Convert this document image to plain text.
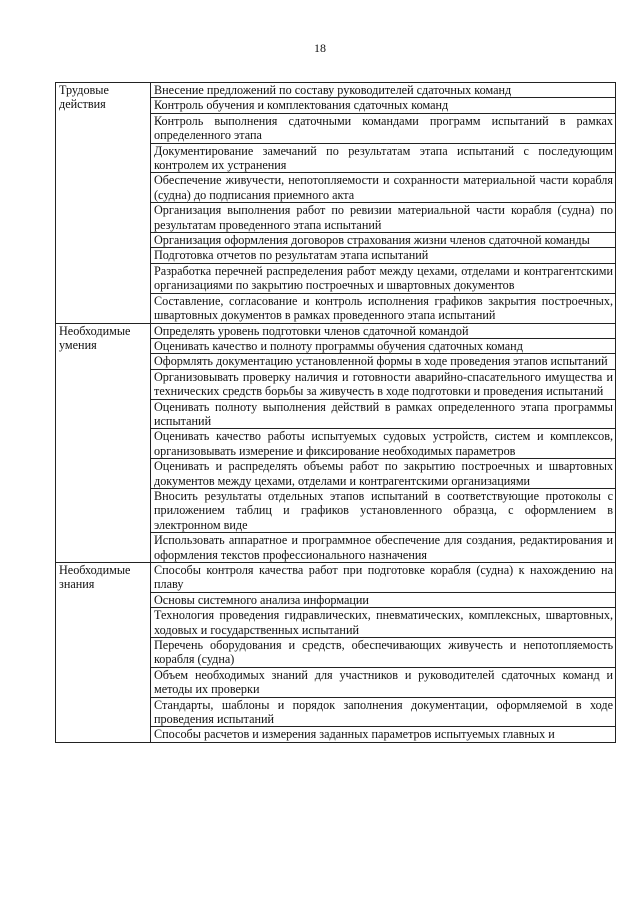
18
Трудовые действия	Внесение предложений по составу руководителей сдаточных команд
	Контроль обучения и комплектования сдаточных команд
	Контроль выполнения сдаточными командами программ испытаний в рамках определенного этапа
	Документирование замечаний по результатам этапа испытаний с последующим контролем их устранения
	Обеспечение живучести, непотопляемости и сохранности материальной части корабля (судна) до подписания приемного акта
	Организация выполнения работ по ревизии материальной части корабля (судна) по результатам проведенного этапа испытаний
	Организация оформления договоров страхования жизни членов сдаточной команды
	Подготовка отчетов по результатам этапа испытаний
	Разработка перечней распределения работ между цехами, отделами и контрагентскими организациями по закрытию построечных и швартовных документов
	Составление, согласование и контроль исполнения графиков закрытия построечных, швартовных документов в рамках проведенного этапа испытаний
Необходимые умения	Определять уровень подготовки членов сдаточной командой
	Оценивать качество и полноту программы обучения сдаточных команд
	Оформлять документацию установленной формы в ходе проведения этапов испытаний
	Организовывать проверку наличия и готовности аварийно-спасательного имущества и технических средств борьбы за живучесть в ходе подготовки и проведения испытаний
	Оценивать полноту выполнения действий в рамках определенного этапа программы испытаний
	Оценивать качество работы испытуемых судовых устройств, систем и комплексов, организовывать измерение и фиксирование необходимых параметров
	Оценивать и распределять объемы работ по закрытию построечных и швартовных документов между цехами, отделами и контрагентскими организациями
	Вносить результаты отдельных этапов испытаний в соответствующие протоколы с приложением таблиц и графиков установленного образца, с оформлением в электронном виде
	Использовать аппаратное и программное обеспечение для создания, редактирования и оформления текстов профессионального назначения
Необходимые знания	Способы контроля качества работ при подготовке корабля (судна) к нахождению на плаву
	Основы системного анализа информации
	Технология проведения гидравлических, пневматических, комплексных, швартовных, ходовых и государственных испытаний
	Перечень оборудования и средств, обеспечивающих живучесть и непотопляемость корабля (судна)
	Объем необходимых знаний для участников и руководителей сдаточных команд и методы их проверки
	Стандарты, шаблоны и порядок заполнения документации, оформляемой в ходе проведения испытаний
	Способы расчетов и измерения заданных параметров испытуемых главных и
